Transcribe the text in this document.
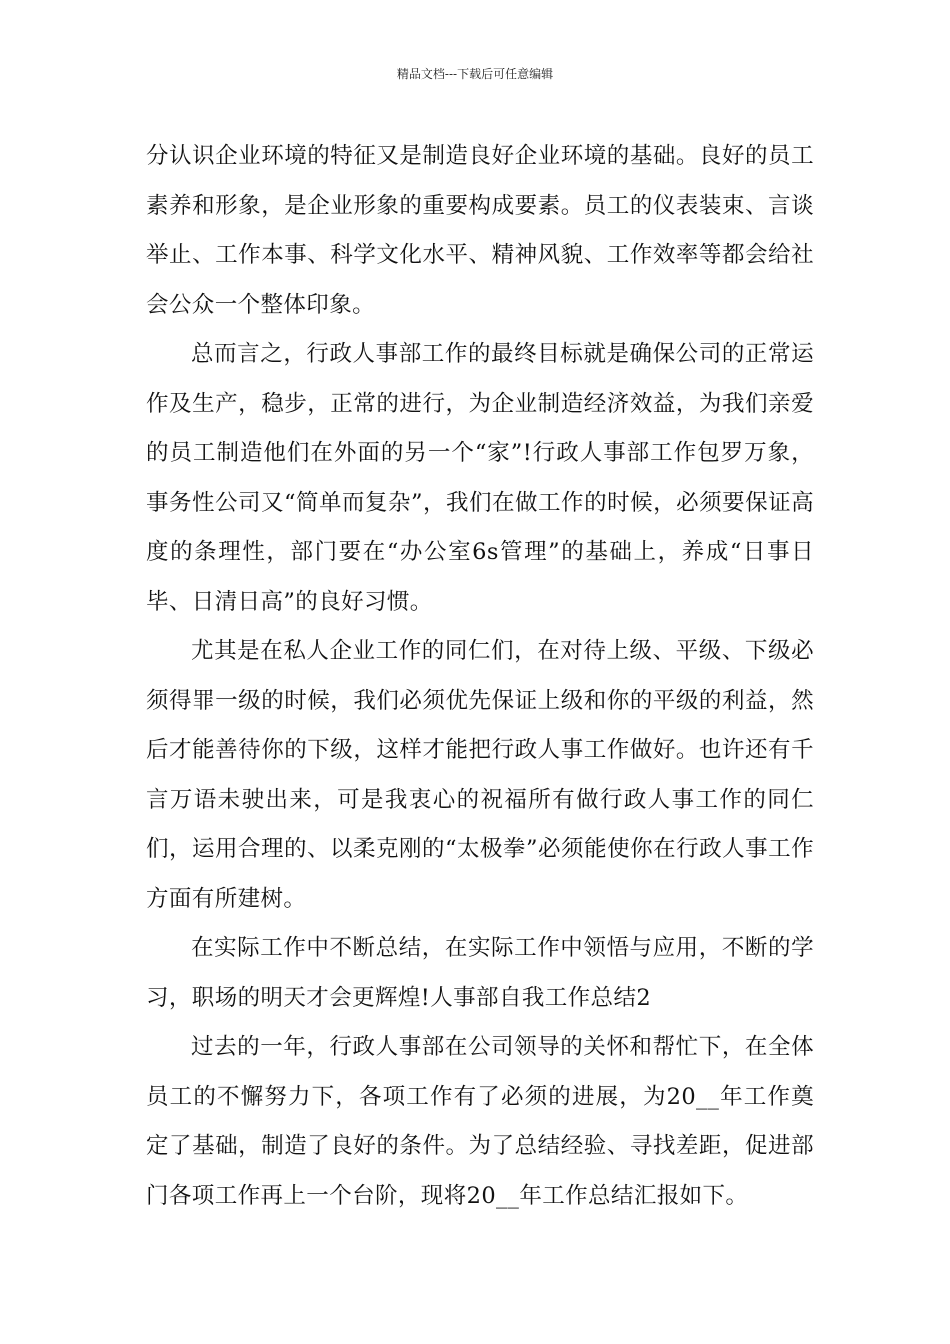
精品文档---下载后可任意编辑

分认识企业环境的特征又是制造良好企业环境的基础。良好的员工素养和形象，是企业形象的重要构成要素。员工的仪表装束、言谈举止、工作本事、科学文化水平、精神风貌、工作效率等都会给社会公众一个整体印象。

总而言之，行政人事部工作的最终目标就是确保公司的正常运作及生产，稳步，正常的进行，为企业制造经济效益，为我们亲爱的员工制造他们在外面的另一个“家”!行政人事部工作包罗万象，事务性公司又“简单而复杂”，我们在做工作的时候，必须要保证高度的条理性，部门要在“办公室6s管理”的基础上，养成“日事日毕、日清日高”的良好习惯。

尤其是在私人企业工作的同仁们，在对待上级、平级、下级必须得罪一级的时候，我们必须优先保证上级和你的平级的利益，然后才能善待你的下级，这样才能把行政人事工作做好。也许还有千言万语未驶出来，可是我衷心的祝福所有做行政人事工作的同仁们，运用合理的、以柔克刚的“太极拳”必须能使你在行政人事工作方面有所建树。

在实际工作中不断总结，在实际工作中领悟与应用，不断的学习，职场的明天才会更辉煌!人事部自我工作总结2

过去的一年，行政人事部在公司领导的关怀和帮忙下，在全体员工的不懈努力下，各项工作有了必须的进展，为20__年工作奠定了基础，制造了良好的条件。为了总结经验、寻找差距，促进部门各项工作再上一个台阶，现将20__年工作总结汇报如下。
